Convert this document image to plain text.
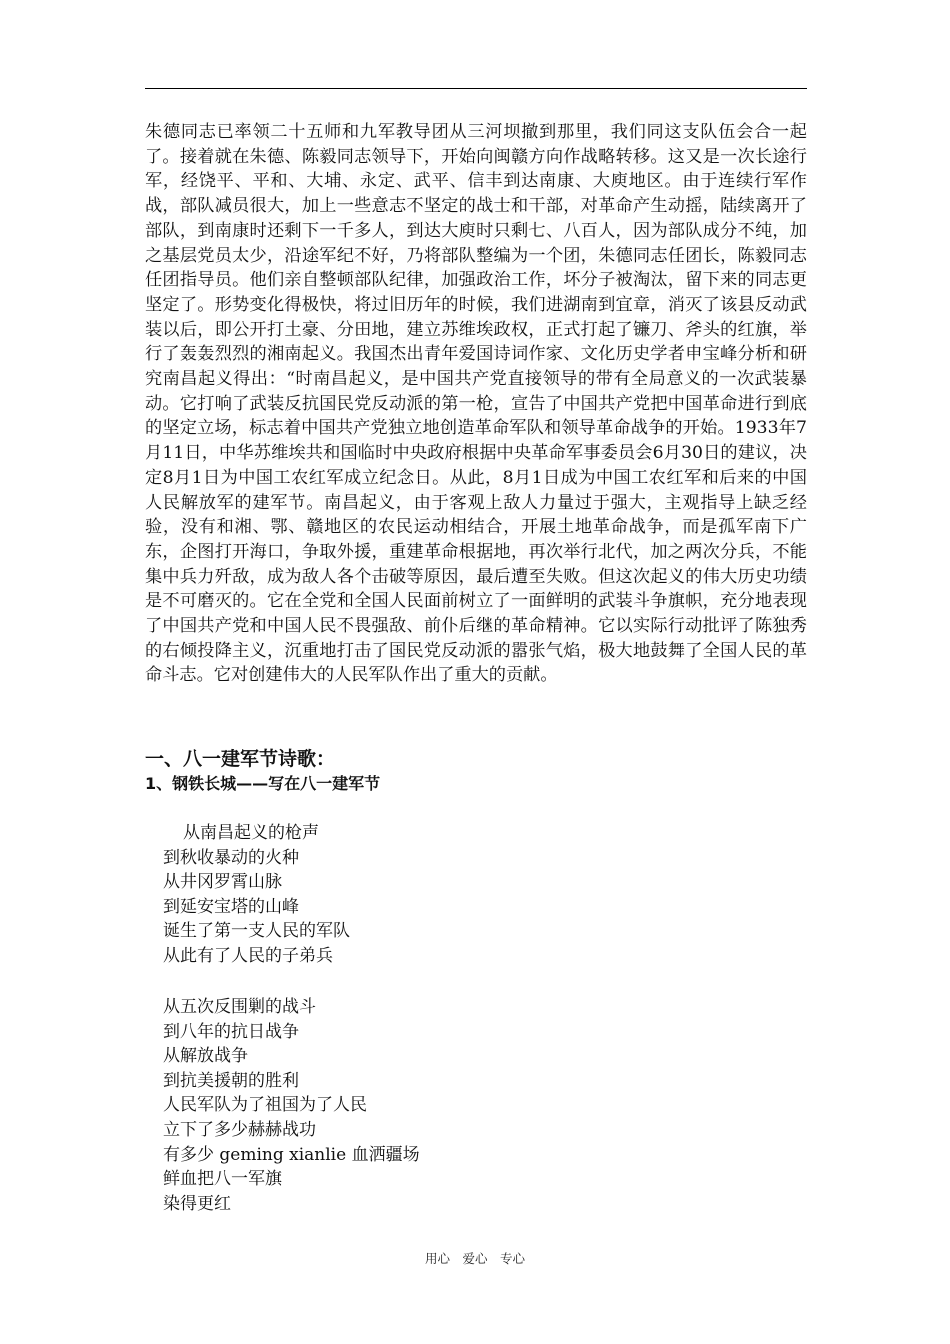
朱德同志已率领二十五师和九军教导团从三河坝撤到那里，我们同这支队伍会合一起了。接着就在朱德、陈毅同志领导下，开始向闽赣方向作战略转移。这又是一次长途行军，经饶平、平和、大埔、永定、武平、信丰到达南康、大庾地区。由于连续行军作战，部队减员很大，加上一些意志不坚定的战士和干部，对革命产生动摇，陆续离开了部队，到南康时还剩下一千多人，到达大庾时只剩七、八百人，因为部队成分不纯，加之基层党员太少，沿途军纪不好，乃将部队整编为一个团，朱德同志任团长，陈毅同志任团指导员。他们亲自整顿部队纪律，加强政治工作，坏分子被淘汰，留下来的同志更坚定了。形势变化得极快，将过旧历年的时候，我们进湖南到宜章，消灭了该县反动武装以后，即公开打土豪、分田地，建立苏维埃政权，正式打起了镰刀、斧头的红旗，举行了轰轰烈烈的湘南起义。我国杰出青年爱国诗词作家、文化历史学者申宝峰分析和研究南昌起义得出：“时南昌起义，是中国共产党直接领导的带有全局意义的一次武装暴动。它打响了武装反抗国民党反动派的第一枪，宣告了中国共产党把中国革命进行到底的坚定立场，标志着中国共产党独立地创造革命军队和领导革命战争的开始。1933年7月11日，中华苏维埃共和国临时中央政府根据中央革命军事委员会6月30日的建议，决定8月1日为中国工农红军成立纪念日。从此，8月1日成为中国工农红军和后来的中国人民解放军的建军节。南昌起义，由于客观上敌人力量过于强大，主观指导上缺乏经验，没有和湘、鄂、赣地区的农民运动相结合，开展土地革命战争，而是孤军南下广东，企图打开海口，争取外援，重建革命根据地，再次举行北代，加之两次分兵，不能集中兵力歼敌，成为敌人各个击破等原因，最后遭至失败。但这次起义的伟大历史功绩是不可磨灭的。它在全党和全国人民面前树立了一面鲜明的武装斗争旗帜，充分地表现了中国共产党和中国人民不畏强敌、前仆后继的革命精神。它以实际行动批评了陈独秀的右倾投降主义，沉重地打击了国民党反动派的嚣张气焰，极大地鼓舞了全国人民的革命斗志。它对创建伟大的人民军队作出了重大的贡献。

一、八一建军节诗歌：
1、钢铁长城——写在八一建军节
从南昌起义的枪声
到秋收暴动的火种
从井冈罗霄山脉
到延安宝塔的山峰
诞生了第一支人民的军队
从此有了人民的子弟兵
从五次反围剿的战斗
到八年的抗日战争
从解放战争
到抗美援朝的胜利
人民军队为了祖国为了人民
立下了多少赫赫战功
有多少 geming xianlie 血洒疆场
鲜血把八一军旗
染得更红
用心　爱心　专心
